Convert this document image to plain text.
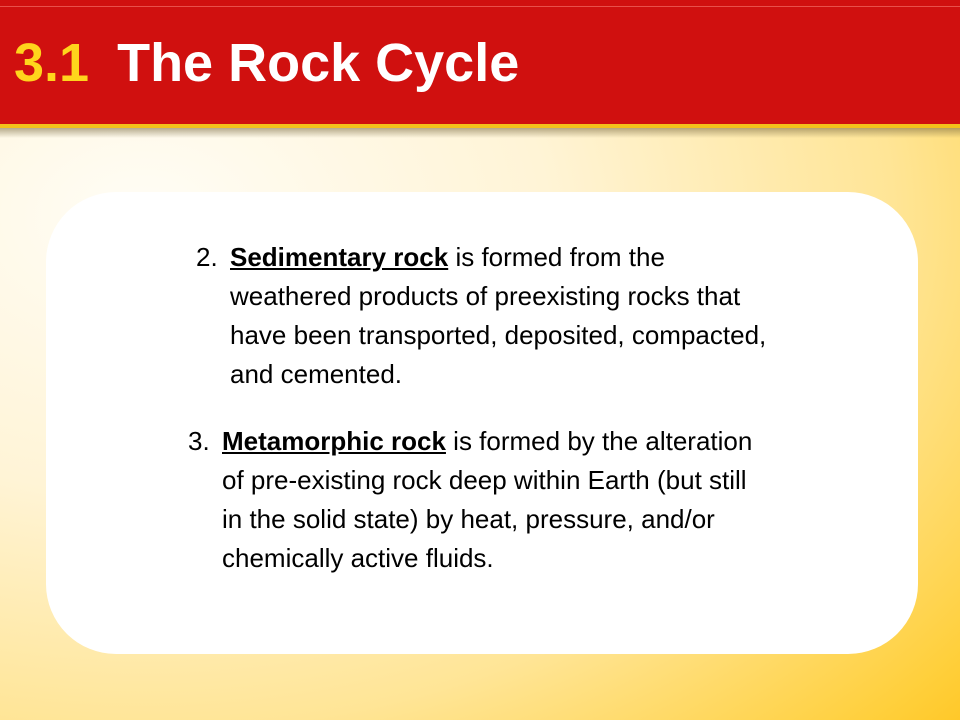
3.1 The Rock Cycle

2. Sedimentary rock is formed from the
weathered products of preexisting rocks that
have been transported, deposited, compacted,
and cemented.

3. Metamorphic rock is formed by the alteration
of pre-existing rock deep within Earth (but still
in the solid state) by heat, pressure, and/or
chemically active fluids.
